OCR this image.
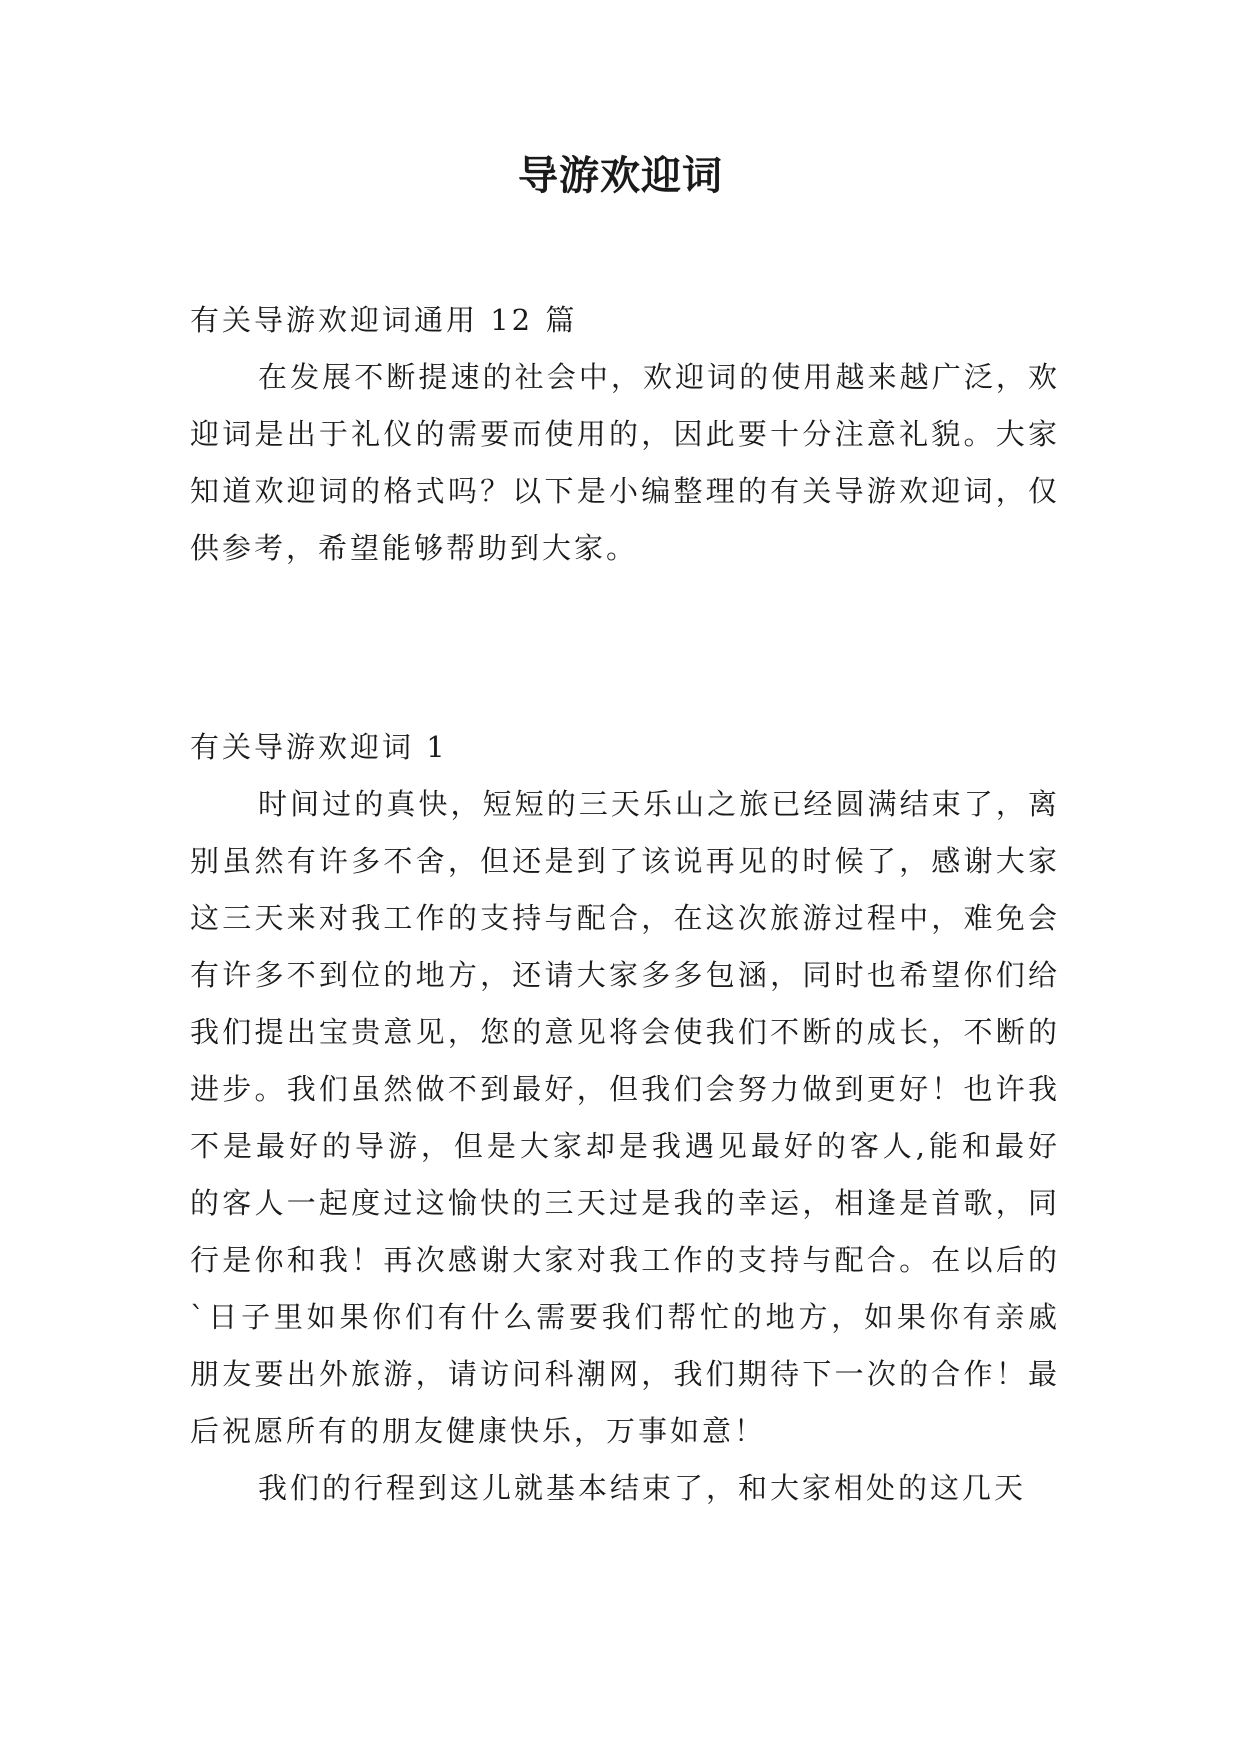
导游欢迎词

有关导游欢迎词通用 12 篇

在发展不断提速的社会中，欢迎词的使用越来越广泛，欢迎词是出于礼仪的需要而使用的，因此要十分注意礼貌。大家知道欢迎词的格式吗？以下是小编整理的有关导游欢迎词，仅供参考，希望能够帮助到大家。

有关导游欢迎词 1

时间过的真快，短短的三天乐山之旅已经圆满结束了，离别虽然有许多不舍，但还是到了该说再见的时候了，感谢大家这三天来对我工作的支持与配合，在这次旅游过程中，难免会有许多不到位的地方，还请大家多多包涵，同时也希望你们给我们提出宝贵意见，您的意见将会使我们不断的成长，不断的进步。我们虽然做不到最好，但我们会努力做到更好！也许我不是最好的导游，但是大家却是我遇见最好的客人,能和最好的客人一起度过这愉快的三天过是我的幸运，相逢是首歌，同行是你和我！再次感谢大家对我工作的支持与配合。在以后的`日子里如果你们有什么需要我们帮忙的地方，如果你有亲戚朋友要出外旅游，请访问科潮网，我们期待下一次的合作！最后祝愿所有的朋友健康快乐，万事如意！

我们的行程到这儿就基本结束了，和大家相处的这几天
